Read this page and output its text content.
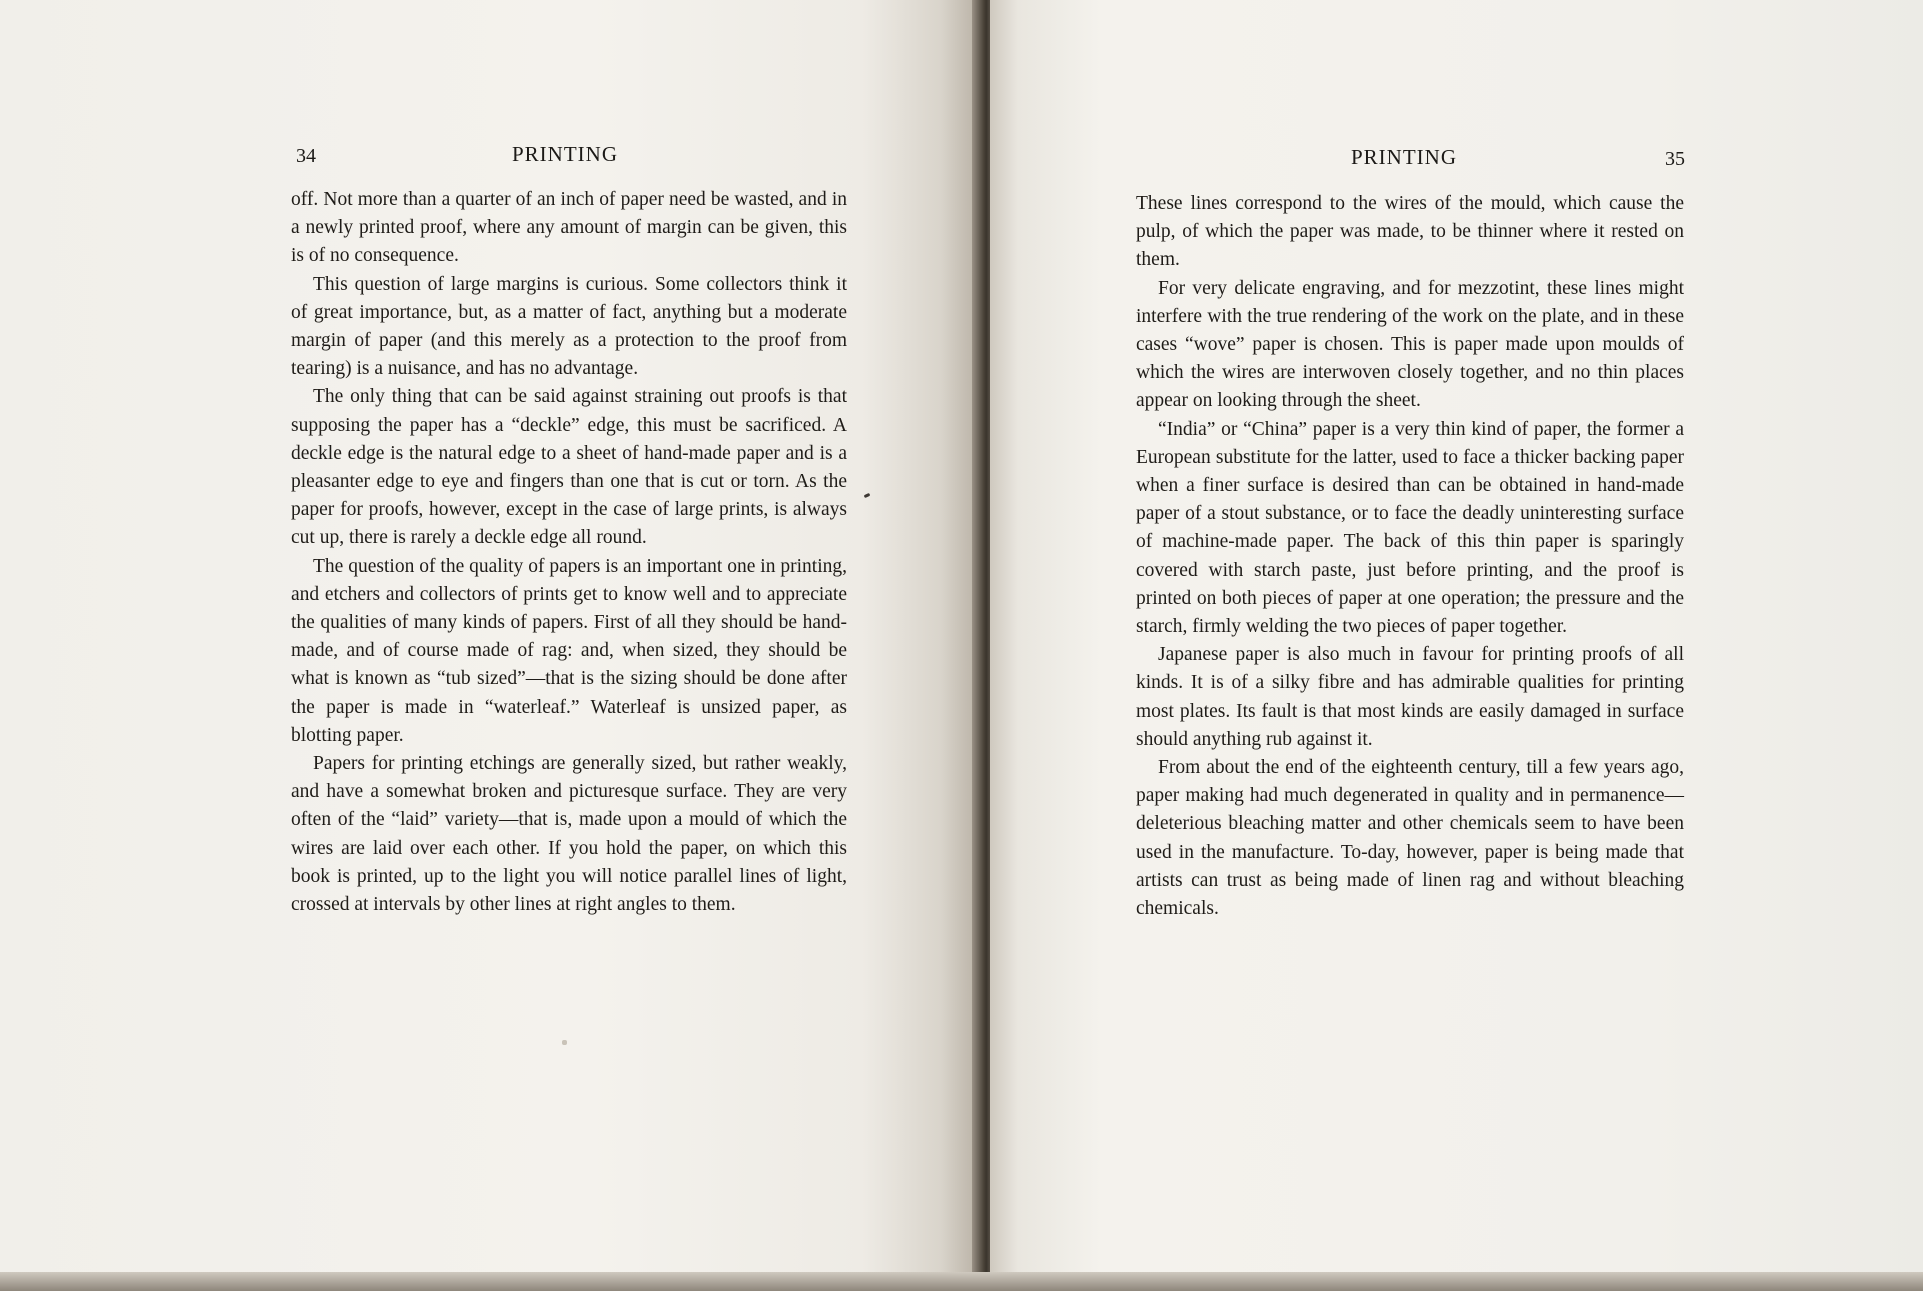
34	PRINTING

off. Not more than a quarter of an inch of paper need be wasted, and in a newly printed proof, where any amount of margin can be given, this is of no consequence.

This question of large margins is curious. Some collectors think it of great importance, but, as a matter of fact, anything but a moderate margin of paper (and this merely as a protection to the proof from tearing) is a nuisance, and has no advantage.

The only thing that can be said against straining out proofs is that supposing the paper has a “deckle” edge, this must be sacrificed. A deckle edge is the natural edge to a sheet of hand-made paper and is a pleasanter edge to eye and fingers than one that is cut or torn. As the paper for proofs, however, except in the case of large prints, is always cut up, there is rarely a deckle edge all round.

The question of the quality of papers is an important one in printing, and etchers and collectors of prints get to know well and to appreciate the qualities of many kinds of papers. First of all they should be hand-made, and of course made of rag: and, when sized, they should be what is known as “tub sized”—that is the sizing should be done after the paper is made in “waterleaf.” Waterleaf is unsized paper, as blotting paper.

Papers for printing etchings are generally sized, but rather weakly, and have a somewhat broken and picturesque surface. They are very often of the “laid” variety—that is, made upon a mould of which the wires are laid over each other. If you hold the paper, on which this book is printed, up to the light you will notice parallel lines of light, crossed at intervals by other lines at right angles to them.

PRINTING	35

These lines correspond to the wires of the mould, which cause the pulp, of which the paper was made, to be thinner where it rested on them.

For very delicate engraving, and for mezzotint, these lines might interfere with the true rendering of the work on the plate, and in these cases “wove” paper is chosen. This is paper made upon moulds of which the wires are interwoven closely together, and no thin places appear on looking through the sheet.

“India” or “China” paper is a very thin kind of paper, the former a European substitute for the latter, used to face a thicker backing paper when a finer surface is desired than can be obtained in hand-made paper of a stout substance, or to face the deadly uninteresting surface of machine-made paper. The back of this thin paper is sparingly covered with starch paste, just before printing, and the proof is printed on both pieces of paper at one operation; the pressure and the starch, firmly welding the two pieces of paper together.

Japanese paper is also much in favour for printing proofs of all kinds. It is of a silky fibre and has admirable qualities for printing most plates. Its fault is that most kinds are easily damaged in surface should anything rub against it.

From about the end of the eighteenth century, till a few years ago, paper making had much degenerated in quality and in permanence—deleterious bleaching matter and other chemicals seem to have been used in the manufacture. To-day, however, paper is being made that artists can trust as being made of linen rag and without bleaching chemicals.
